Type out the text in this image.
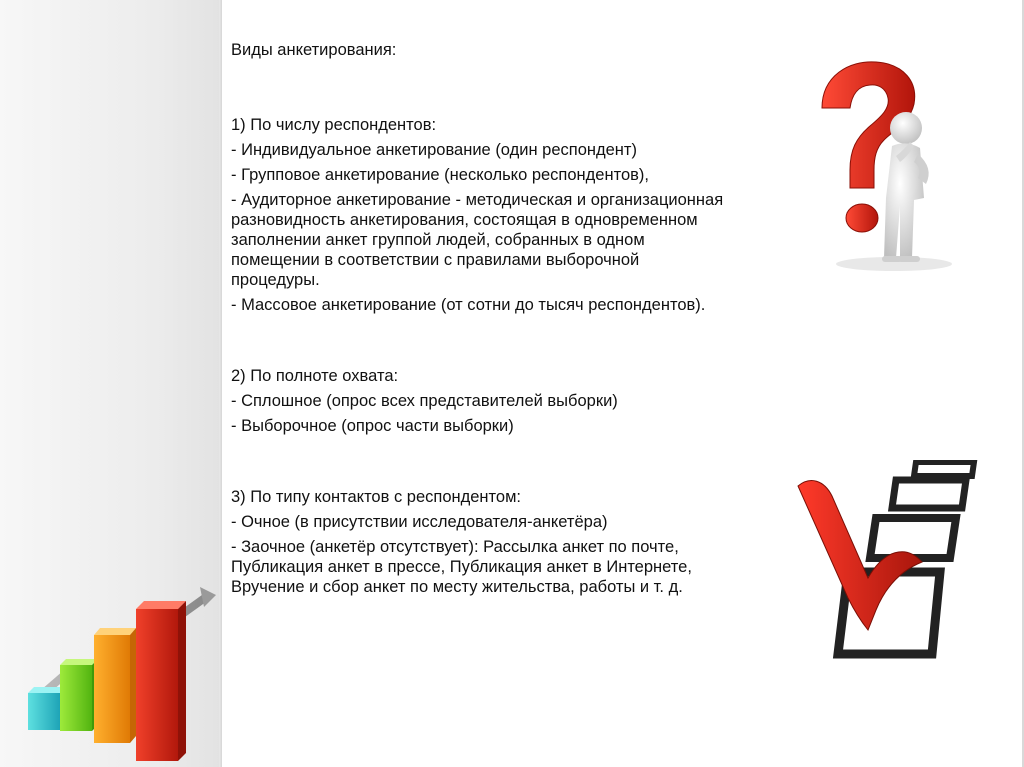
Виды анкетирования:

1) По числу респондентов:

- Индивидуальное анкетирование (один респондент)

- Групповое анкетирование (несколько респондентов),

- Аудиторное анкетирование - методическая и организационная разновидность анкетирования, состоящая в одновременном заполнении анкет группой людей, собранных в одном помещении в соответствии с правилами выборочной процедуры.

- Массовое анкетирование (от сотни до тысяч респондентов).

2) По полноте охвата:

- Сплошное (опрос всех представителей выборки)

- Выборочное (опрос части выборки)

3) По типу контактов с респондентом:

- Очное (в присутствии исследователя-анкетёра)

- Заочное (анкетёр отсутствует): Рассылка анкет по почте, Публикация анкет в прессе, Публикация анкет в Интернете, Вручение и сбор анкет по месту жительства, работы и т. д.
